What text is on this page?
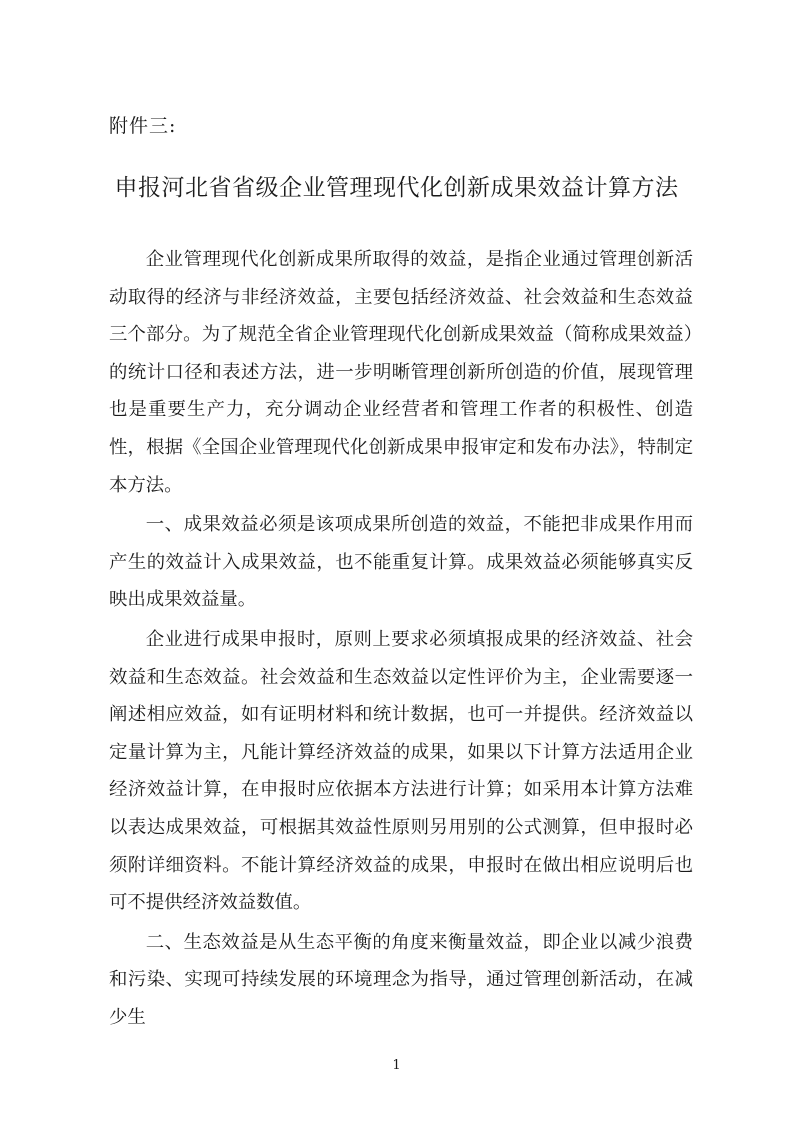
附件三:
申报河北省省级企业管理现代化创新成果效益计算方法

企业管理现代化创新成果所取得的效益，是指企业通过管理创新活动取得的经济与非经济效益，主要包括经济效益、社会效益和生态效益三个部分。为了规范全省企业管理现代化创新成果效益（简称成果效益）的统计口径和表述方法，进一步明晰管理创新所创造的价值，展现管理也是重要生产力，充分调动企业经营者和管理工作者的积极性、创造性，根据《全国企业管理现代化创新成果申报审定和发布办法》，特制定本方法。

一、成果效益必须是该项成果所创造的效益，不能把非成果作用而产生的效益计入成果效益，也不能重复计算。成果效益必须能够真实反映出成果效益量。

企业进行成果申报时，原则上要求必须填报成果的经济效益、社会效益和生态效益。社会效益和生态效益以定性评价为主，企业需要逐一阐述相应效益，如有证明材料和统计数据，也可一并提供。经济效益以定量计算为主，凡能计算经济效益的成果，如果以下计算方法适用企业经济效益计算，在申报时应依据本方法进行计算；如采用本计算方法难以表达成果效益，可根据其效益性原则另用别的公式测算，但申报时必须附详细资料。不能计算经济效益的成果，申报时在做出相应说明后也可不提供经济效益数值。

二、生态效益是从生态平衡的角度来衡量效益，即企业以减少浪费和污染、实现可持续发展的环境理念为指导，通过管理创新活动，在减少生

1
